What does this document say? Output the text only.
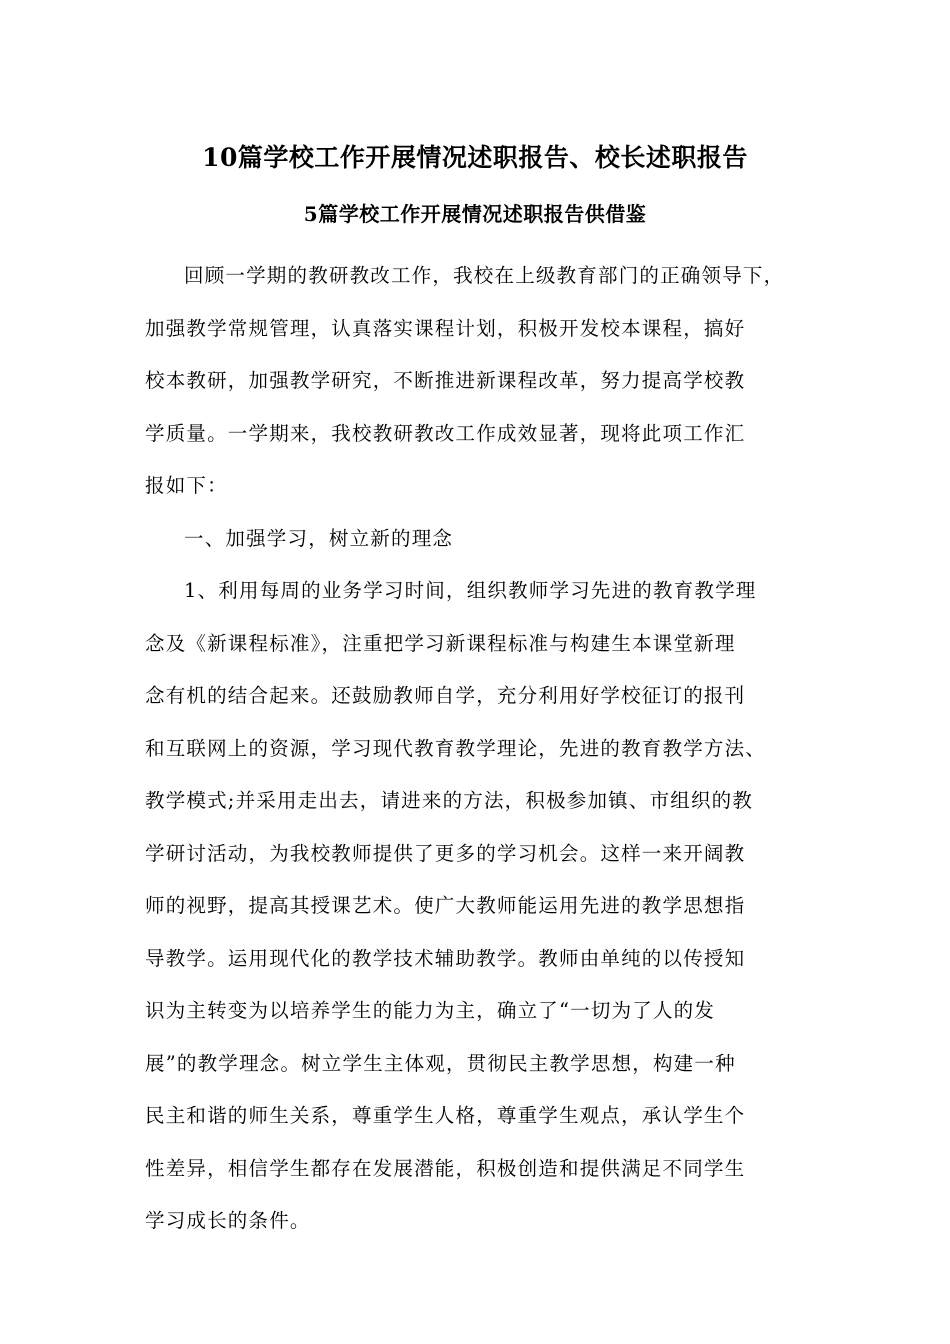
10篇学校工作开展情况述职报告、校长述职报告
5篇学校工作开展情况述职报告供借鉴
回顾一学期的教研教改工作，我校在上级教育部门的正确领导下，
加强教学常规管理，认真落实课程计划，积极开发校本课程，搞好
校本教研，加强教学研究，不断推进新课程改革，努力提高学校教
学质量。一学期来，我校教研教改工作成效显著，现将此项工作汇
报如下：
一、加强学习，树立新的理念
1、利用每周的业务学习时间，组织教师学习先进的教育教学理
念及《新课程标准》，注重把学习新课程标准与构建生本课堂新理
念有机的结合起来。还鼓励教师自学，充分利用好学校征订的报刊
和互联网上的资源，学习现代教育教学理论，先进的教育教学方法、
教学模式;并采用走出去，请进来的方法，积极参加镇、市组织的教
学研讨活动，为我校教师提供了更多的学习机会。这样一来开阔教
师的视野，提高其授课艺术。使广大教师能运用先进的教学思想指
导教学。运用现代化的教学技术辅助教学。教师由单纯的以传授知
识为主转变为以培养学生的能力为主，确立了“一切为了人的发
展”的教学理念。树立学生主体观，贯彻民主教学思想，构建一种
民主和谐的师生关系，尊重学生人格，尊重学生观点，承认学生个
性差异，相信学生都存在发展潜能，积极创造和提供满足不同学生
学习成长的条件。
